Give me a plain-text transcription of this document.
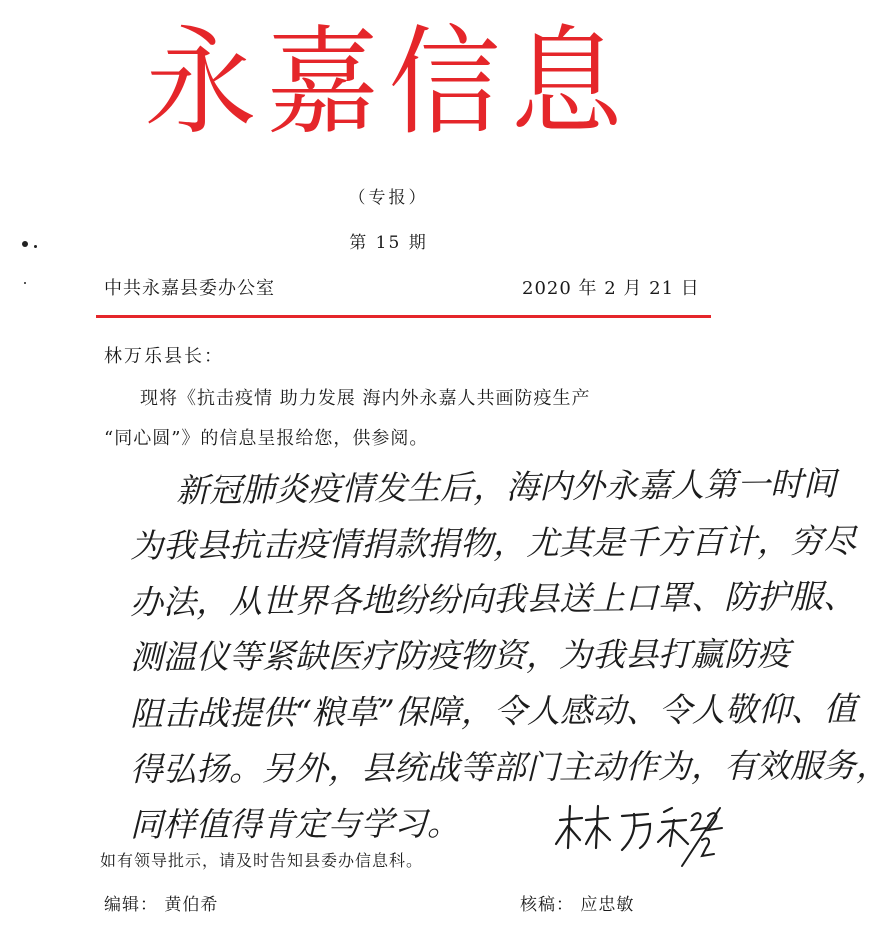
永嘉信息
（专报）
第 15 期
中共永嘉县委办公室	2020 年 2 月 21 日
林万乐县长：
现将《抗击疫情 助力发展 海内外永嘉人共画防疫生产
“同心圆”》的信息呈报给您，供参阅。
新冠肺炎疫情发生后，海内外永嘉人第一时间
为我县抗击疫情捐款捐物，尤其是千方百计，穷尽
办法，从世界各地纷纷向我县送上口罩、防护服、
测温仪等紧缺医疗防疫物资，为我县打赢防疫
阻击战提供“粮草”保障，令人感动、令人敬仰、值
得弘扬。另外，县统战等部门主动作为，有效服务，
同样值得肯定与学习。
林万乐 2.22
如有领导批示，请及时告知县委办信息科。
编辑： 黄伯希	核稿： 应忠敏
